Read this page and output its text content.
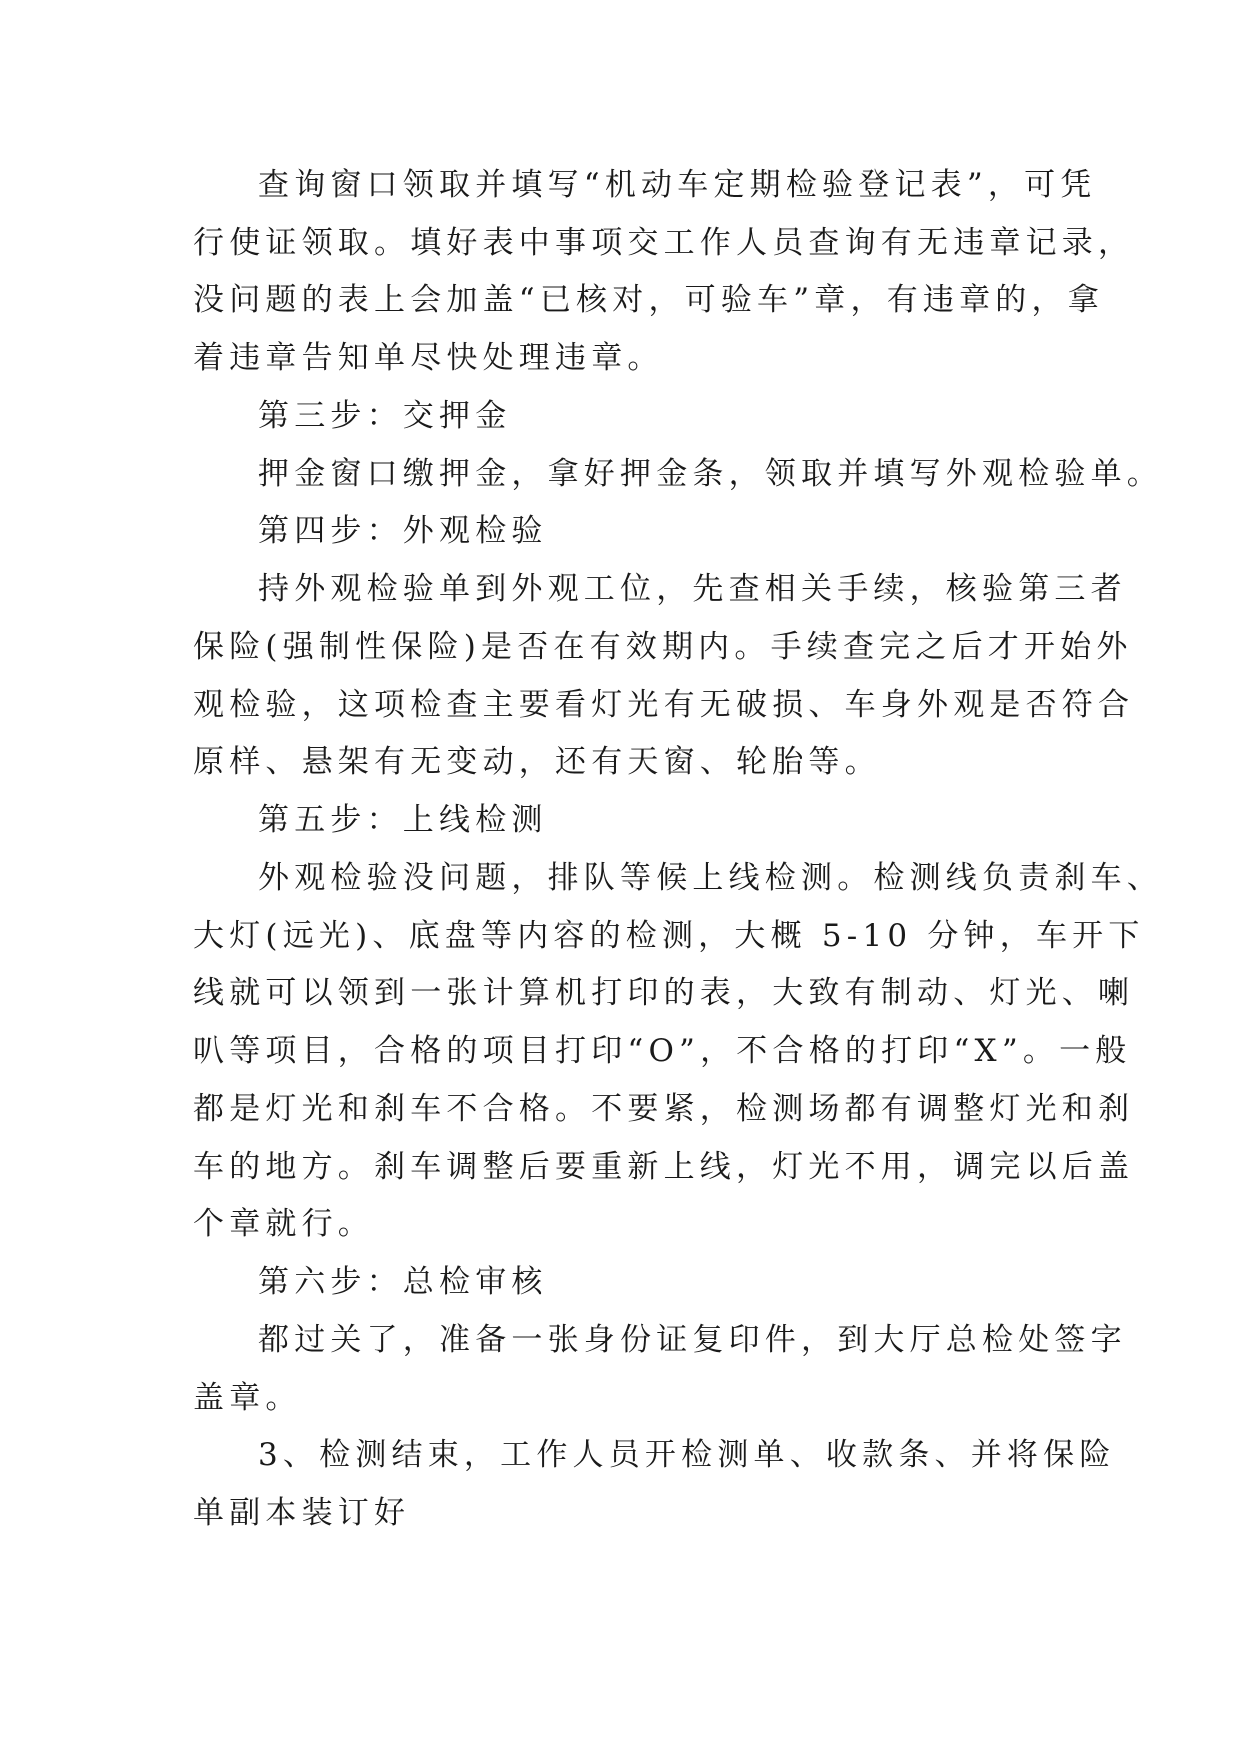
查询窗口领取并填写“机动车定期检验登记表”，可凭

行使证领取。填好表中事项交工作人员查询有无违章记录，

没问题的表上会加盖“已核对，可验车”章，有违章的，拿

着违章告知单尽快处理违章。

第三步：交押金

押金窗口缴押金，拿好押金条，领取并填写外观检验单。

第四步：外观检验

持外观检验单到外观工位，先查相关手续，核验第三者

保险(强制性保险)是否在有效期内。手续查完之后才开始外

观检验，这项检查主要看灯光有无破损、车身外观是否符合

原样、悬架有无变动，还有天窗、轮胎等。

第五步：上线检测

外观检验没问题，排队等候上线检测。检测线负责刹车、

大灯(远光)、底盘等内容的检测，大概 5-10 分钟，车开下

线就可以领到一张计算机打印的表，大致有制动、灯光、喇

叭等项目，合格的项目打印“O”，不合格的打印“X”。一般

都是灯光和刹车不合格。不要紧，检测场都有调整灯光和刹

车的地方。刹车调整后要重新上线，灯光不用，调完以后盖

个章就行。

第六步：总检审核

都过关了，准备一张身份证复印件，到大厅总检处签字

盖章。

3、检测结束，工作人员开检测单、收款条、并将保险

单副本装订好
